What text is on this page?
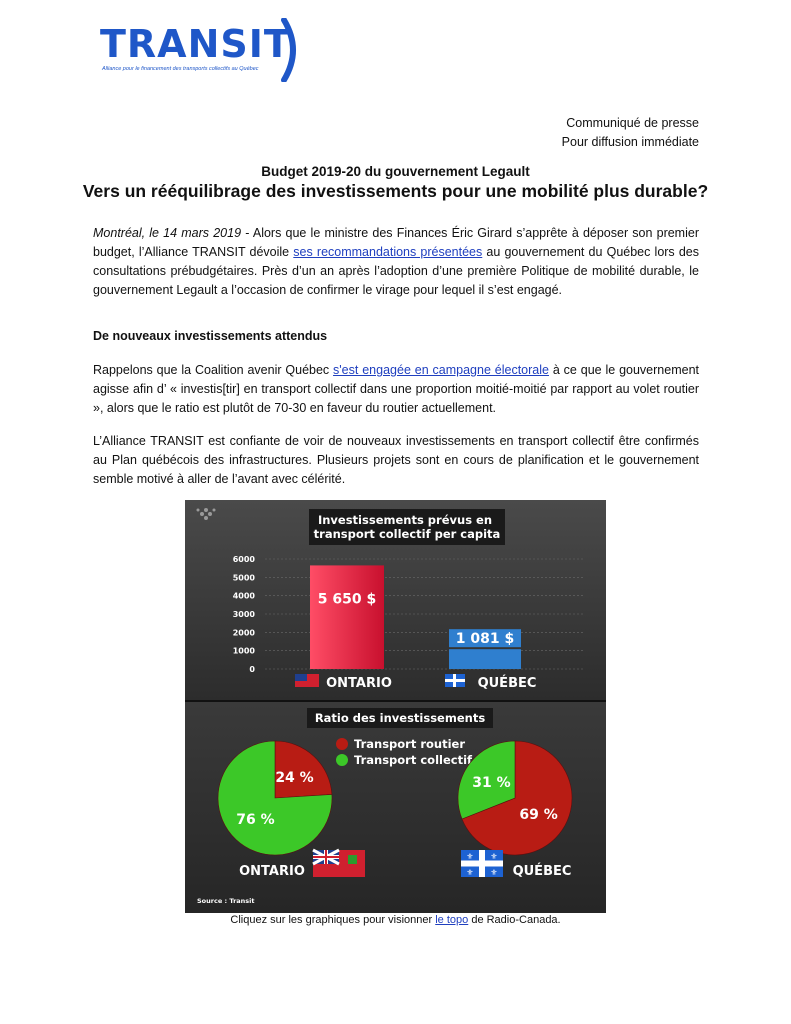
TRANSIT
Alliance pour le financement des transports collectifs au Québec
Communiqué de presse
Pour diffusion immédiate
Budget 2019-20 du gouvernement Legault
Vers un rééquilibrage des investissements pour une mobilité plus durable?
Montréal, le 14 mars 2019 - Alors que le ministre des Finances Éric Girard s’apprête à déposer son premier budget, l’Alliance TRANSIT dévoile ses recommandations présentées au gouvernement du Québec lors des consultations prébudgétaires. Près d’un an après l’adoption d’une première Politique de mobilité durable, le gouvernement Legault a l’occasion de confirmer le virage pour lequel il s’est engagé.
De nouveaux investissements attendus
Rappelons que la Coalition avenir Québec s'est engagée en campagne électorale à ce que le gouvernement agisse afin d’ « investis[tir] en transport collectif dans une proportion moitié-moitié par rapport au volet routier », alors que le ratio est plutôt de 70-30 en faveur du routier actuellement.
L’Alliance TRANSIT est confiante de voir de nouveaux investissements en transport collectif être confirmés au Plan québécois des infrastructures. Plusieurs projets sont en cours de planification et le gouvernement semble motivé à aller de l’avant avec célérité.
Investissements prévus en transport collectif per capita
6000
5000
4000
3000
2000
1000
0
5 650 $
ONTARIO
1 081 $
QUÉBEC
Ratio des investissements
Transport routier
Transport collectif
24 %
76 %
ONTARIO
69 %
31 %
QUÉBEC
⚜ ⚜
⚜ ⚜
Source : Transit
Cliquez sur les graphiques pour visionner le topo de Radio-Canada.
